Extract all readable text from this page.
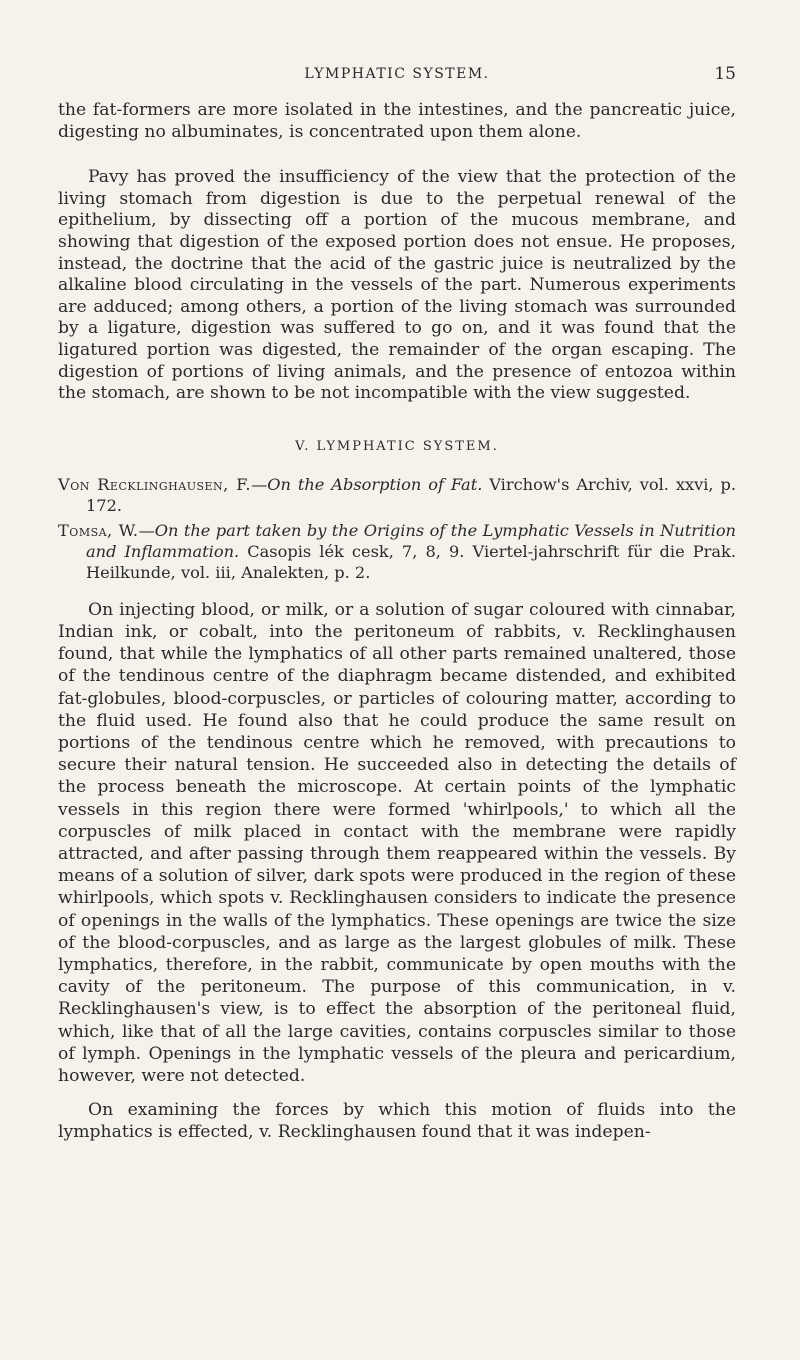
LYMPHATIC SYSTEM.	15

the fat-formers are more isolated in the intestines, and the pancreatic juice, digesting no albuminates, is concentrated upon them alone.

Pavy has proved the insufficiency of the view that the protection of the living stomach from digestion is due to the perpetual renewal of the epithelium, by dissecting off a portion of the mucous membrane, and showing that digestion of the exposed portion does not ensue. He proposes, instead, the doctrine that the acid of the gastric juice is neutralized by the alkaline blood circulating in the vessels of the part. Numerous experiments are adduced; among others, a portion of the living stomach was surrounded by a ligature, digestion was suffered to go on, and it was found that the ligatured portion was digested, the remainder of the organ escaping. The digestion of portions of living animals, and the presence of entozoa within the stomach, are shown to be not incompatible with the view suggested.

V. LYMPHATIC SYSTEM.

Von Recklinghausen, F.—On the Absorption of Fat. Virchow's Archiv, vol. xxvi, p. 172.

Tomsa, W.—On the part taken by the Origins of the Lymphatic Vessels in Nutrition and Inflammation. Casopis lék cesk, 7, 8, 9. Viertel-jahrschrift für die Prak. Heilkunde, vol. iii, Analekten, p. 2.

On injecting blood, or milk, or a solution of sugar coloured with cinnabar, Indian ink, or cobalt, into the peritoneum of rabbits, v. Recklinghausen found, that while the lymphatics of all other parts remained unaltered, those of the tendinous centre of the diaphragm became distended, and exhibited fat-globules, blood-corpuscles, or particles of colouring matter, according to the fluid used. He found also that he could produce the same result on portions of the tendinous centre which he removed, with precautions to secure their natural tension. He succeeded also in detecting the details of the process beneath the microscope. At certain points of the lymphatic vessels in this region there were formed 'whirlpools,' to which all the corpuscles of milk placed in contact with the membrane were rapidly attracted, and after passing through them reappeared within the vessels. By means of a solution of silver, dark spots were produced in the region of these whirlpools, which spots v. Recklinghausen considers to indicate the presence of openings in the walls of the lymphatics. These openings are twice the size of the blood-corpuscles, and as large as the largest globules of milk. These lymphatics, therefore, in the rabbit, communicate by open mouths with the cavity of the peritoneum. The purpose of this communication, in v. Recklinghausen's view, is to effect the absorption of the peritoneal fluid, which, like that of all the large cavities, contains corpuscles similar to those of lymph. Openings in the lymphatic vessels of the pleura and pericardium, however, were not detected.

On examining the forces by which this motion of fluids into the lymphatics is effected, v. Recklinghausen found that it was indepen-
